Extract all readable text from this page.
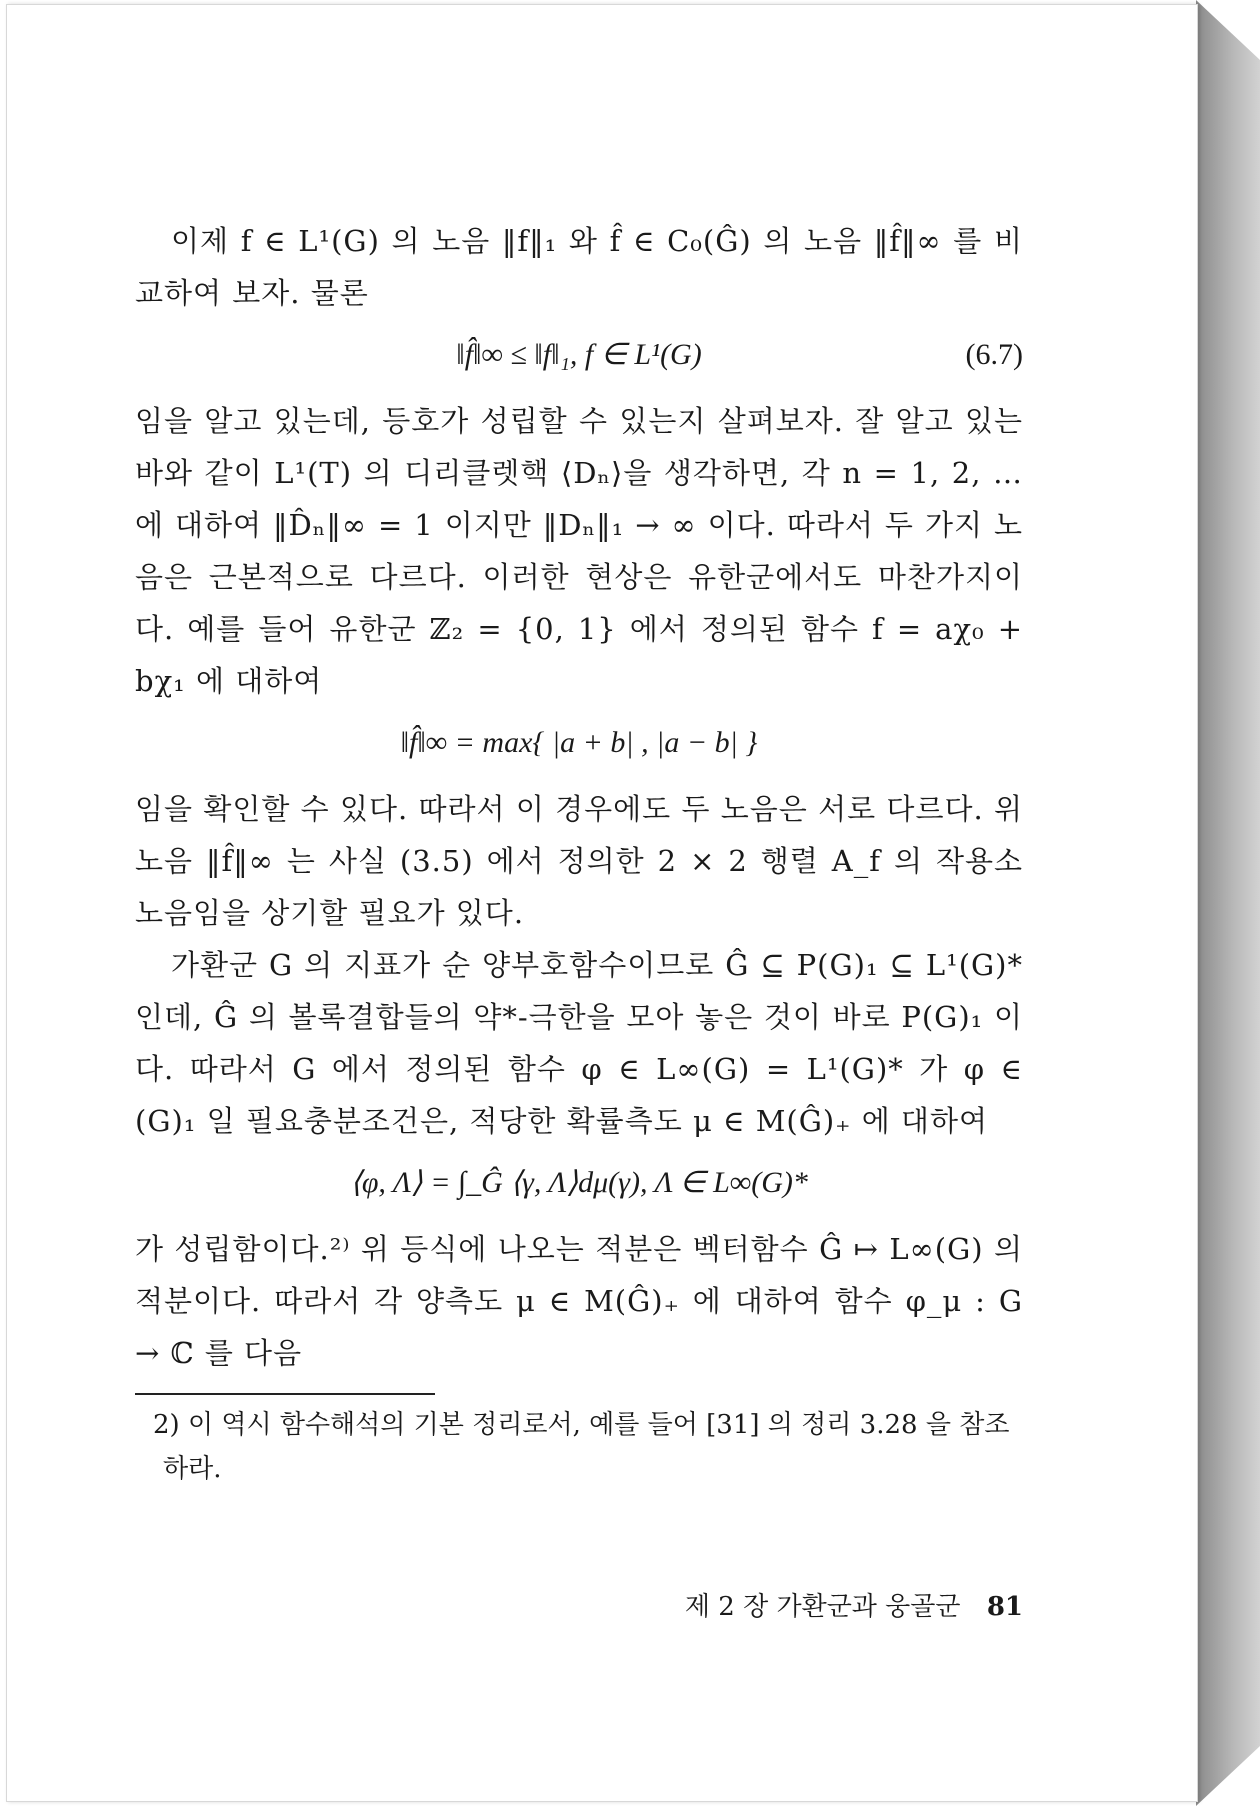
이제 f ∈ L¹(G) 의 노음 ‖f‖₁ 와 f̂ ∈ C₀(Ĝ) 의 노음 ‖f̂‖∞ 를 비교하여 보자. 물론

‖f̂‖∞ ≤ ‖f‖₁, f ∈ L¹(G)	(6.7)

임을 알고 있는데, 등호가 성립할 수 있는지 살펴보자. 잘 알고 있는 바와 같이 L¹(T) 의 디리클렛핵 ⟨Dₙ⟩을 생각하면, 각 n = 1, 2, … 에 대하여 ‖D̂ₙ‖∞ = 1 이지만 ‖Dₙ‖₁ → ∞ 이다. 따라서 두 가지 노음은 근본적으로 다르다. 이러한 현상은 유한군에서도 마찬가지이다. 예를 들어 유한군 ℤ₂ = {0, 1} 에서 정의된 함수 f = aχ₀ + bχ₁ 에 대하여

‖f̂‖∞ = max{ |a + b| , |a − b| }

임을 확인할 수 있다. 따라서 이 경우에도 두 노음은 서로 다르다. 위 노음 ‖f̂‖∞ 는 사실 (3.5) 에서 정의한 2 × 2 행렬 A_f 의 작용소 노음임을 상기할 필요가 있다.

가환군 G 의 지표가 순 양부호함수이므로 Ĝ ⊆ P(G)₁ ⊆ L¹(G)* 인데, Ĝ 의 볼록결합들의 약*-극한을 모아 놓은 것이 바로 P(G)₁ 이다. 따라서 G 에서 정의된 함수 φ ∈ L∞(G) = L¹(G)* 가 φ ∈ (G)₁ 일 필요충분조건은, 적당한 확률측도 μ ∈ M(Ĝ)₊ 에 대하여

⟨φ, Λ⟩ = ∫_Ĝ ⟨γ, Λ⟩dμ(γ), Λ ∈ L∞(G)*

가 성립함이다.²⁾ 위 등식에 나오는 적분은 벡터함수 Ĝ ↦ L∞(G) 의 적분이다. 따라서 각 양측도 μ ∈ M(Ĝ)₊ 에 대하여 함수 φ_μ : G → ℂ 를 다음

2) 이 역시 함수해석의 기본 정리로서, 예를 들어 [31] 의 정리 3.28 을 참조하라.

제 2 장 가환군과 웅골군 81
